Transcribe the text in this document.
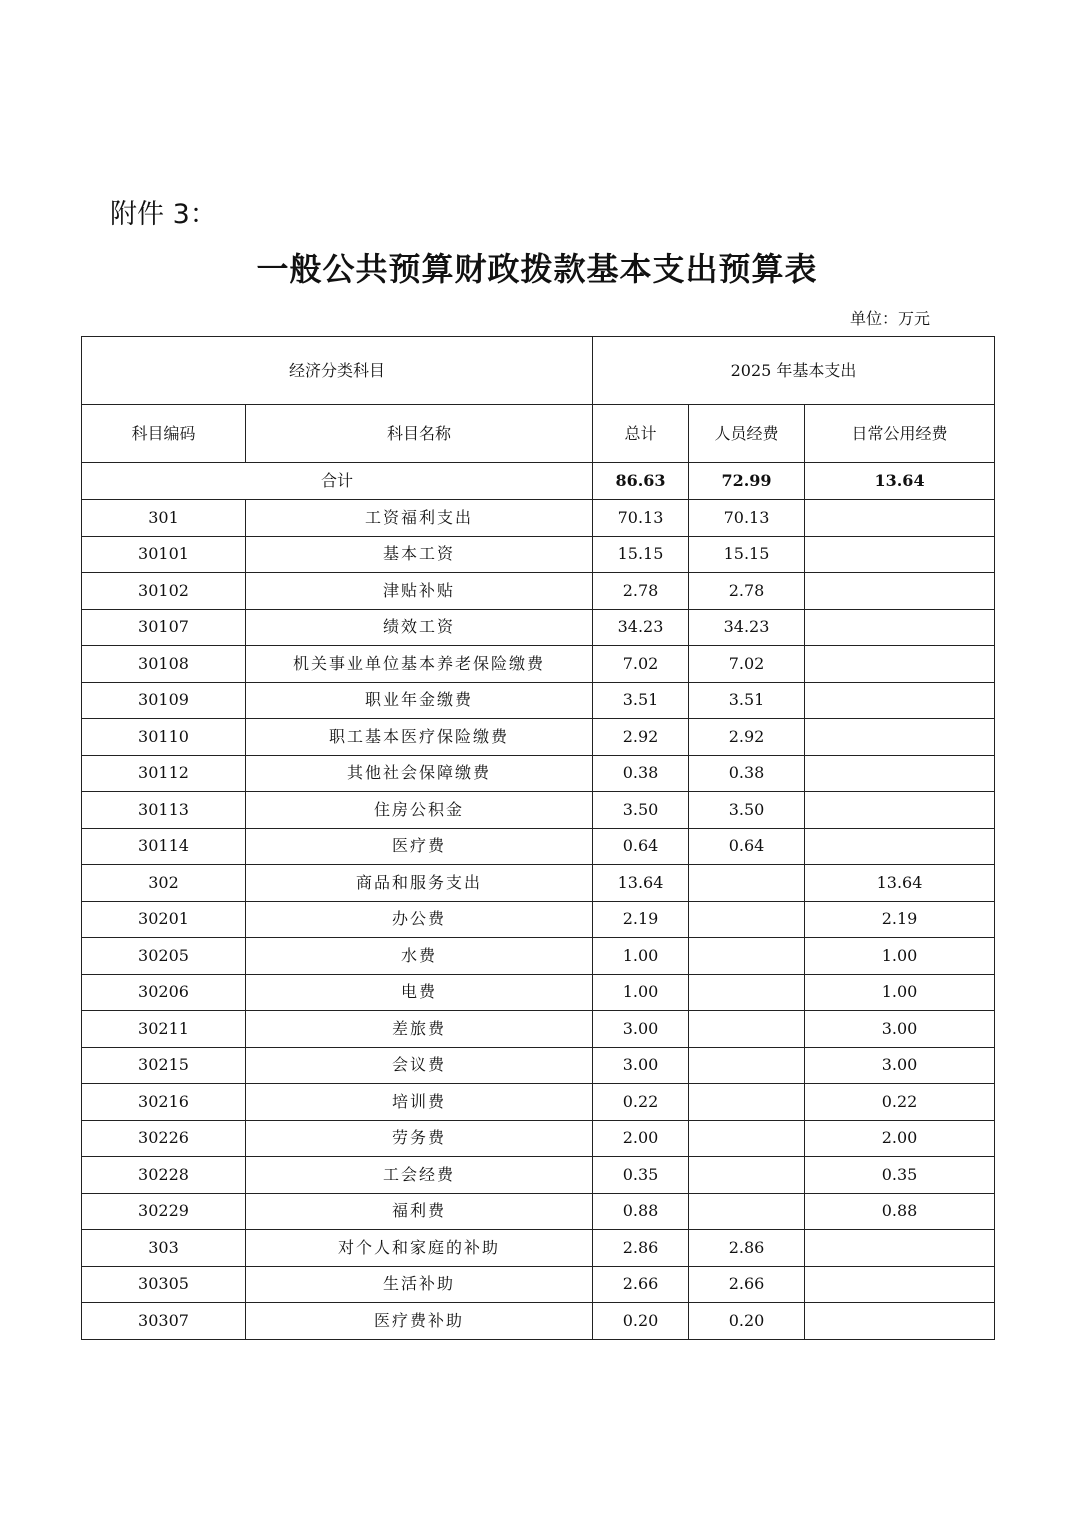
附件 3：
一般公共预算财政拨款基本支出预算表
单位：万元
经济分类科目		2025 年基本支出		
科目编码	科目名称	总计	人员经费	日常公用经费
合计		86.63	72.99	13.64
301	工资福利支出	70.13	70.13	
30101	基本工资	15.15	15.15	
30102	津贴补贴	2.78	2.78	
30107	绩效工资	34.23	34.23	
30108	机关事业单位基本养老保险缴费	7.02	7.02	
30109	职业年金缴费	3.51	3.51	
30110	职工基本医疗保险缴费	2.92	2.92	
30112	其他社会保障缴费	0.38	0.38	
30113	住房公积金	3.50	3.50	
30114	医疗费	0.64	0.64	
302	商品和服务支出	13.64		13.64
30201	办公费	2.19		2.19
30205	水费	1.00		1.00
30206	电费	1.00		1.00
30211	差旅费	3.00		3.00
30215	会议费	3.00		3.00
30216	培训费	0.22		0.22
30226	劳务费	2.00		2.00
30228	工会经费	0.35		0.35
30229	福利费	0.88		0.88
303	对个人和家庭的补助	2.86	2.86	
30305	生活补助	2.66	2.66	
30307	医疗费补助	0.20	0.20	
